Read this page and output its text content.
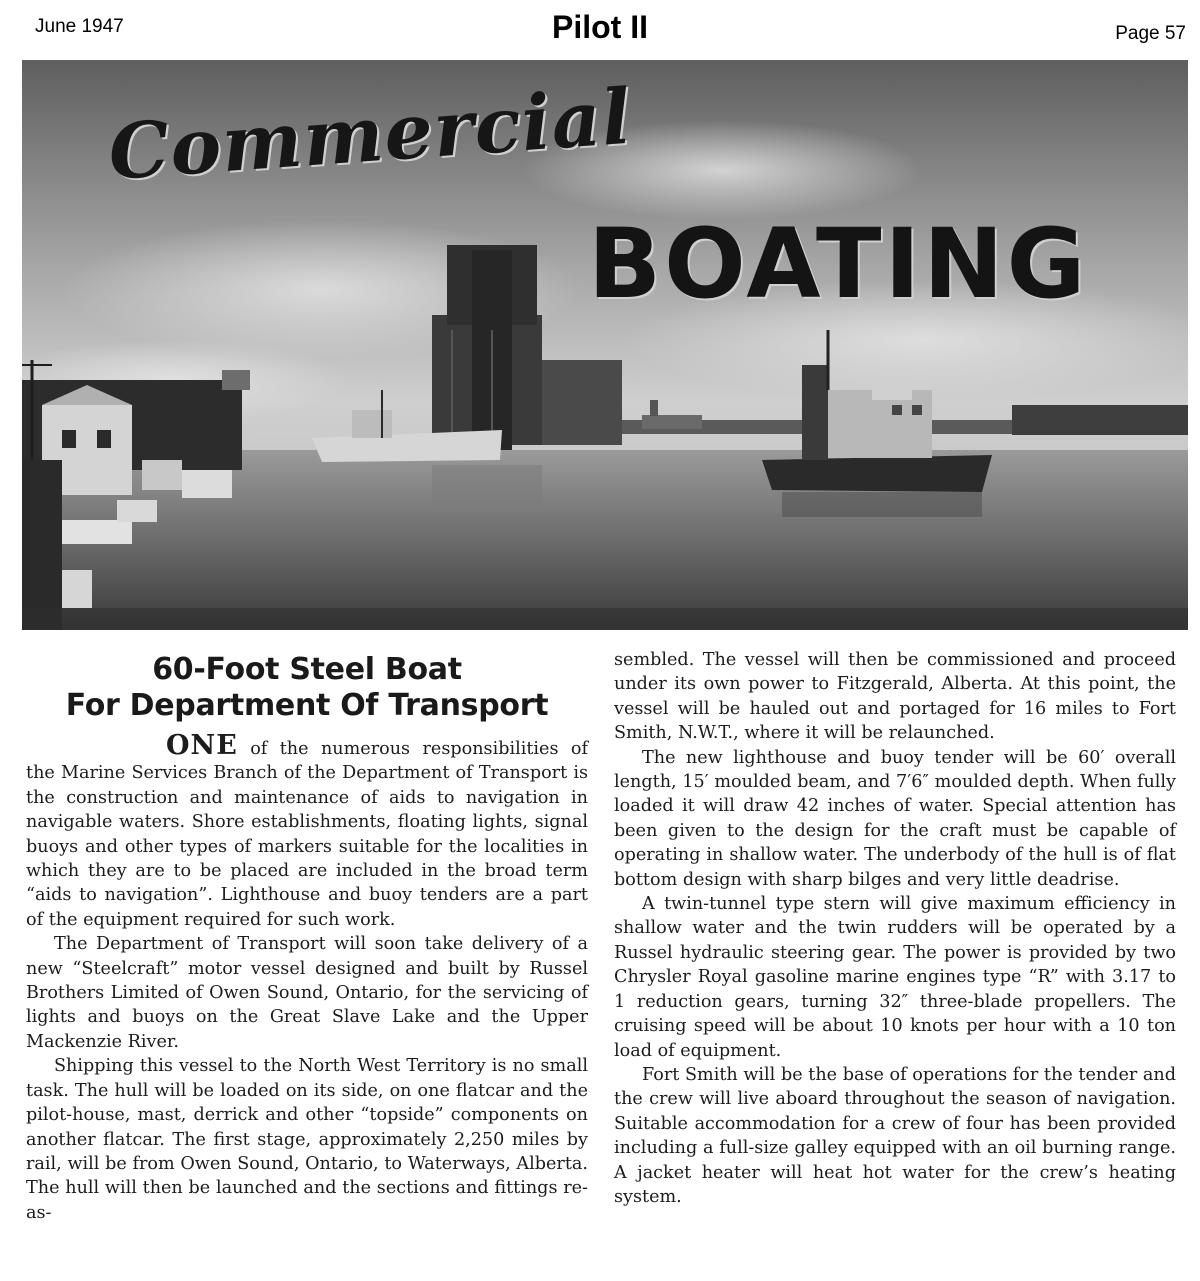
June 1947	Pilot II	Page 57
Commercial
BOATING
60-Foot Steel Boat
For Department Of Transport

ONE of the numerous responsibilities of the Marine Services Branch of the Department of Transport is the construction and maintenance of aids to navigation in navigable waters. Shore establishments, floating lights, signal buoys and other types of markers suitable for the localities in which they are to be placed are included in the broad term “aids to navigation”. Lighthouse and buoy tenders are a part of the equipment required for such work.

The Department of Transport will soon take delivery of a new “Steelcraft” motor vessel designed and built by Russel Brothers Limited of Owen Sound, Ontario, for the servicing of lights and buoys on the Great Slave Lake and the Upper Mackenzie River.

Shipping this vessel to the North West Territory is no small task. The hull will be loaded on its side, on one flatcar and the pilot-house, mast, derrick and other “topside” components on another flatcar. The first stage, approximately 2,250 miles by rail, will be from Owen Sound, Ontario, to Waterways, Alberta. The hull will then be launched and the sections and fittings re-as-

sembled. The vessel will then be commissioned and proceed under its own power to Fitzgerald, Alberta. At this point, the vessel will be hauled out and portaged for 16 miles to Fort Smith, N.W.T., where it will be relaunched.

The new lighthouse and buoy tender will be 60′ overall length, 15′ moulded beam, and 7′6″ moulded depth. When fully loaded it will draw 42 inches of water. Special attention has been given to the design for the craft must be capable of operating in shallow water. The underbody of the hull is of flat bottom design with sharp bilges and very little deadrise.

A twin-tunnel type stern will give maximum efficiency in shallow water and the twin rudders will be operated by a Russel hydraulic steering gear. The power is provided by two Chrysler Royal gasoline marine engines type “R” with 3.17 to 1 reduction gears, turning 32″ three-blade propellers. The cruising speed will be about 10 knots per hour with a 10 ton load of equipment.

Fort Smith will be the base of operations for the tender and the crew will live aboard throughout the season of navigation. Suitable accommodation for a crew of four has been provided including a full-size galley equipped with an oil burning range. A jacket heater will heat hot water for the crew’s heating system.
